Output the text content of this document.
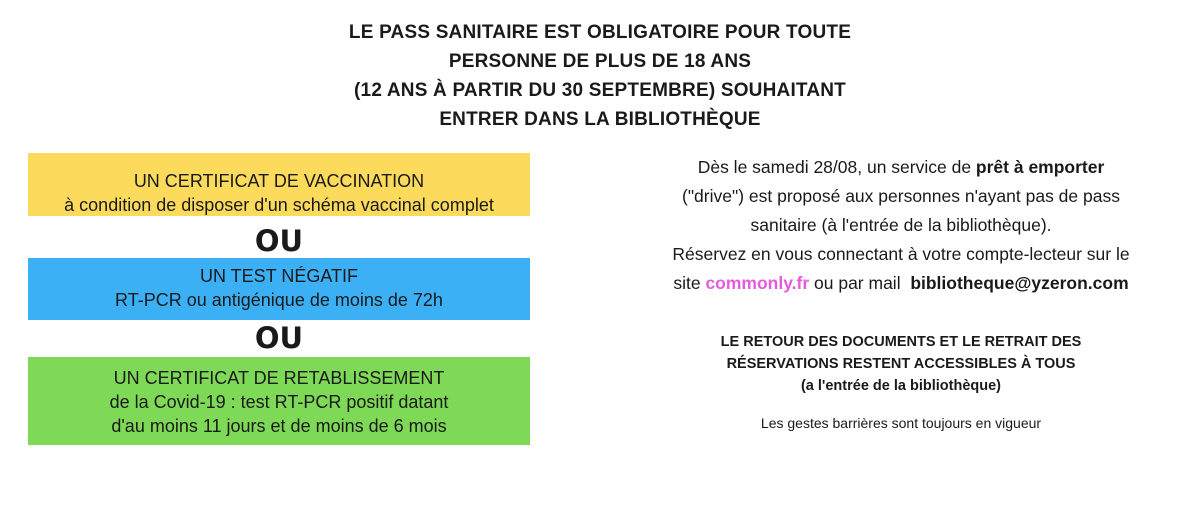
LE PASS SANITAIRE EST OBLIGATOIRE POUR TOUTE
PERSONNE DE PLUS DE 18 ANS
(12 ANS À PARTIR DU 30 SEPTEMBRE) SOUHAITANT
ENTRER DANS LA BIBLIOTHÈQUE
UN CERTIFICAT DE VACCINATION
à condition de disposer d'un schéma vaccinal complet
OU
UN TEST NÉGATIF
RT-PCR ou antigénique de moins de 72h
OU
UN CERTIFICAT DE RETABLISSEMENT
de la Covid-19 : test RT-PCR positif datant
d'au moins 11 jours et de moins de 6 mois
Dès le samedi 28/08, un service de prêt à emporter
("drive") est proposé aux personnes n'ayant pas de pass
sanitaire (à l'entrée de la bibliothèque).
Réservez en vous connectant à votre compte-lecteur sur le
site commonly.fr ou par mail  bibliotheque@yzeron.com
LE RETOUR DES DOCUMENTS ET LE RETRAIT DES
RÉSERVATIONS RESTENT ACCESSIBLES À TOUS
(a l'entrée de la bibliothèque)
Les gestes barrières sont toujours en vigueur
